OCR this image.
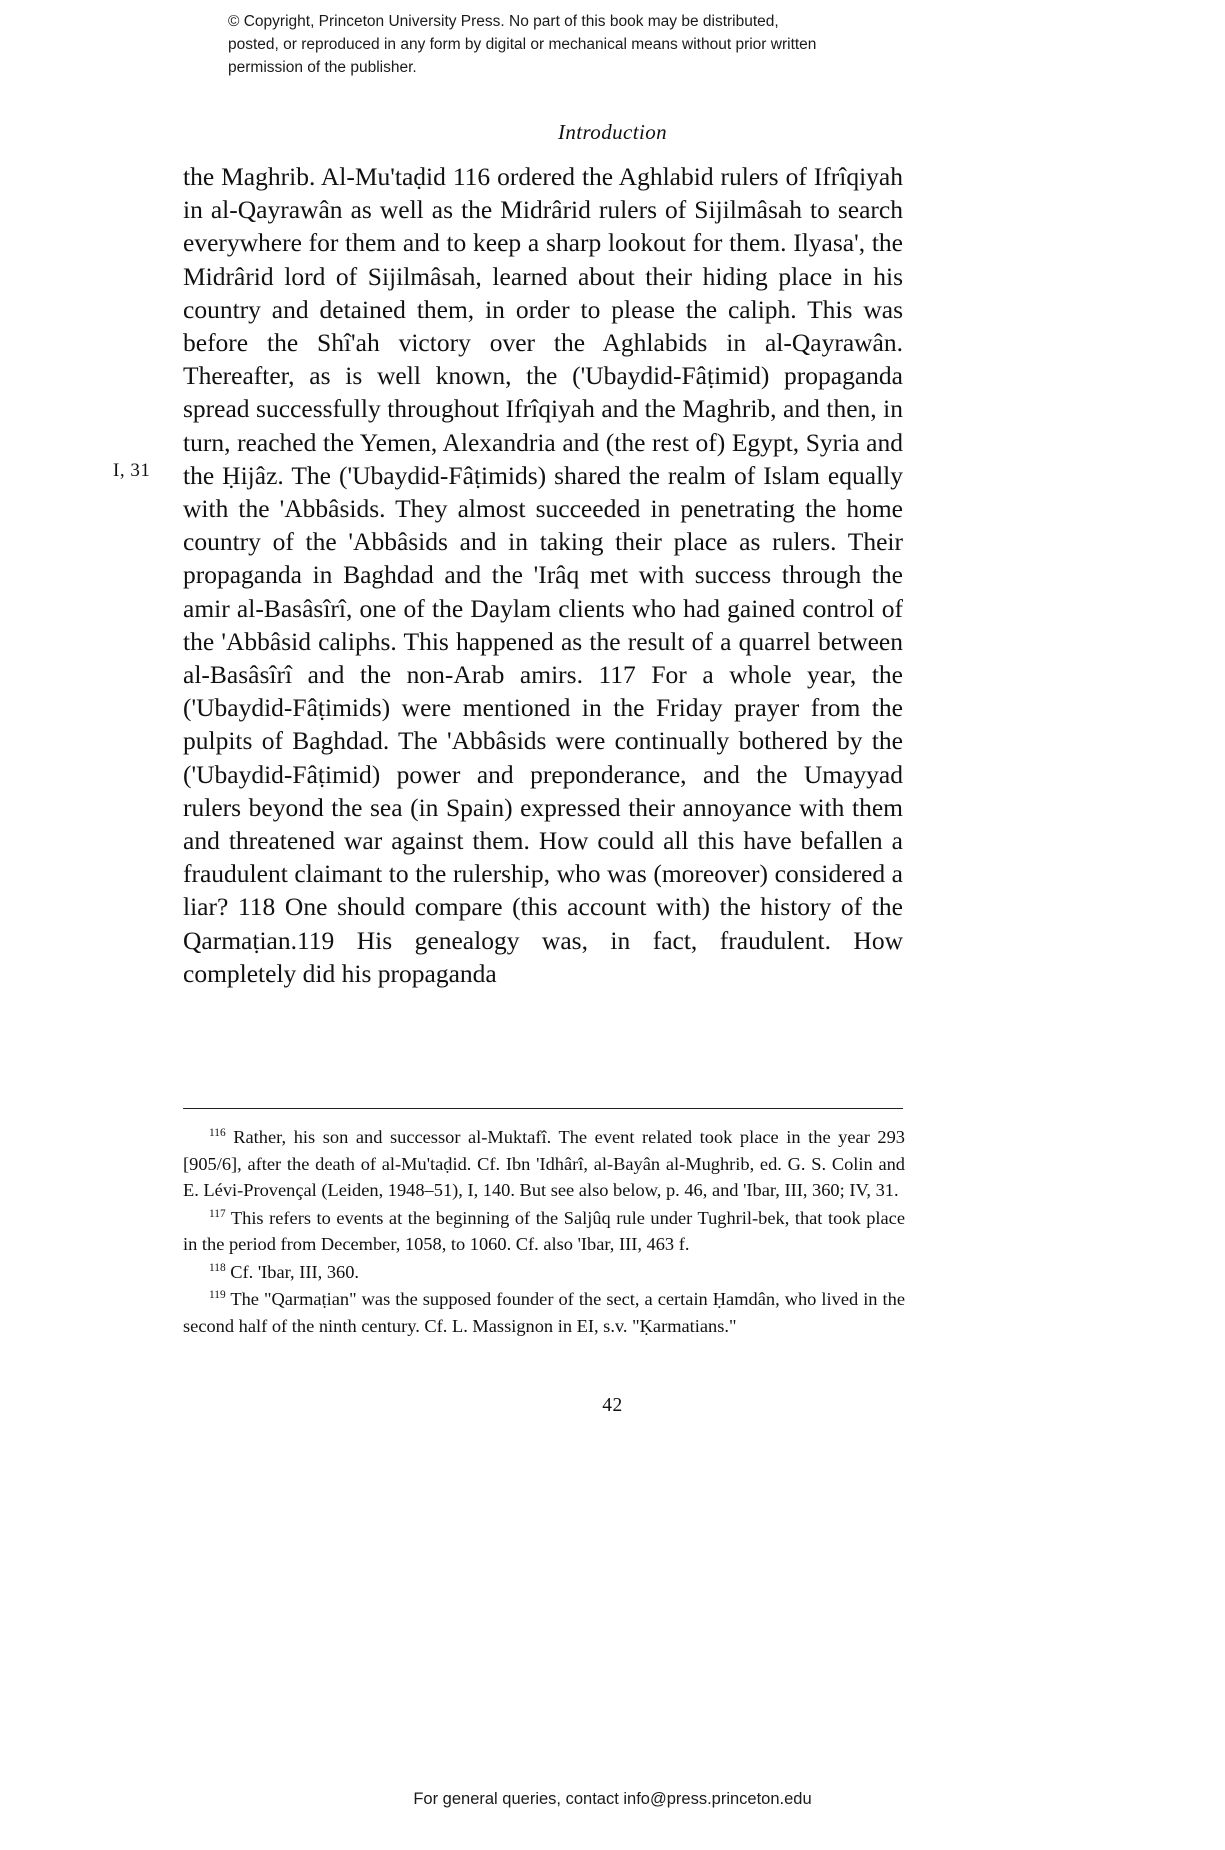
© Copyright, Princeton University Press. No part of this book may be distributed, posted, or reproduced in any form by digital or mechanical means without prior written permission of the publisher.
Introduction
I, 31

the Maghrib. Al-Mu'taḍid 116 ordered the Aghlabid rulers of Ifrîqiyah in al-Qayrawân as well as the Midrârid rulers of Sijilmâsah to search everywhere for them and to keep a sharp lookout for them. Ilyasa', the Midrârid lord of Sijilmâsah, learned about their hiding place in his country and detained them, in order to please the caliph. This was before the Shî'ah victory over the Aghlabids in al-Qayrawân. Thereafter, as is well known, the ('Ubaydid-Fâṭimid) propaganda spread successfully throughout Ifrîqiyah and the Maghrib, and then, in turn, reached the Yemen, Alexandria and (the rest of) Egypt, Syria and the Ḥijâz. The ('Ubaydid-Fâṭimids) shared the realm of Islam equally with the 'Abbâsids. They almost succeeded in penetrating the home country of the 'Abbâsids and in taking their place as rulers. Their propaganda in Baghdad and the 'Irâq met with success through the amir al-Basâsîrî, one of the Daylam clients who had gained control of the 'Abbâsid caliphs. This happened as the result of a quarrel between al-Basâsîrî and the non-Arab amirs. 117 For a whole year, the ('Ubaydid-Fâṭimids) were mentioned in the Friday prayer from the pulpits of Baghdad. The 'Abbâsids were continually bothered by the ('Ubaydid-Fâṭimid) power and preponderance, and the Umayyad rulers beyond the sea (in Spain) expressed their annoyance with them and threatened war against them. How could all this have befallen a fraudulent claimant to the rulership, who was (moreover) considered a liar? 118 One should compare (this account with) the history of the Qarmaṭian.119 His genealogy was, in fact, fraudulent. How completely did his propaganda

$^{116}$ Rather, his son and successor al-Muktafî. The event related took place in the year 293 [905/6], after the death of al-Mu'taḍid. Cf. Ibn 'Idhârî, al-Bayân al-Mughrib, ed. G. S. Colin and E. Lévi-Provençal (Leiden, 1948–51), I, 140. But see also below, p. 46, and 'Ibar, III, 360; IV, 31.

$^{117}$ This refers to events at the beginning of the Saljûq rule under Tughril-bek, that took place in the period from December, 1058, to 1060. Cf. also 'Ibar, III, 463 f.

$^{118}$ Cf. 'Ibar, III, 360.

$^{119}$ The "Qarmaṭian" was the supposed founder of the sect, a certain Ḥamdân, who lived in the second half of the ninth century. Cf. L. Massignon in EI, s.v. "Ḳarmatians."

42
For general queries, contact info@press.princeton.edu
